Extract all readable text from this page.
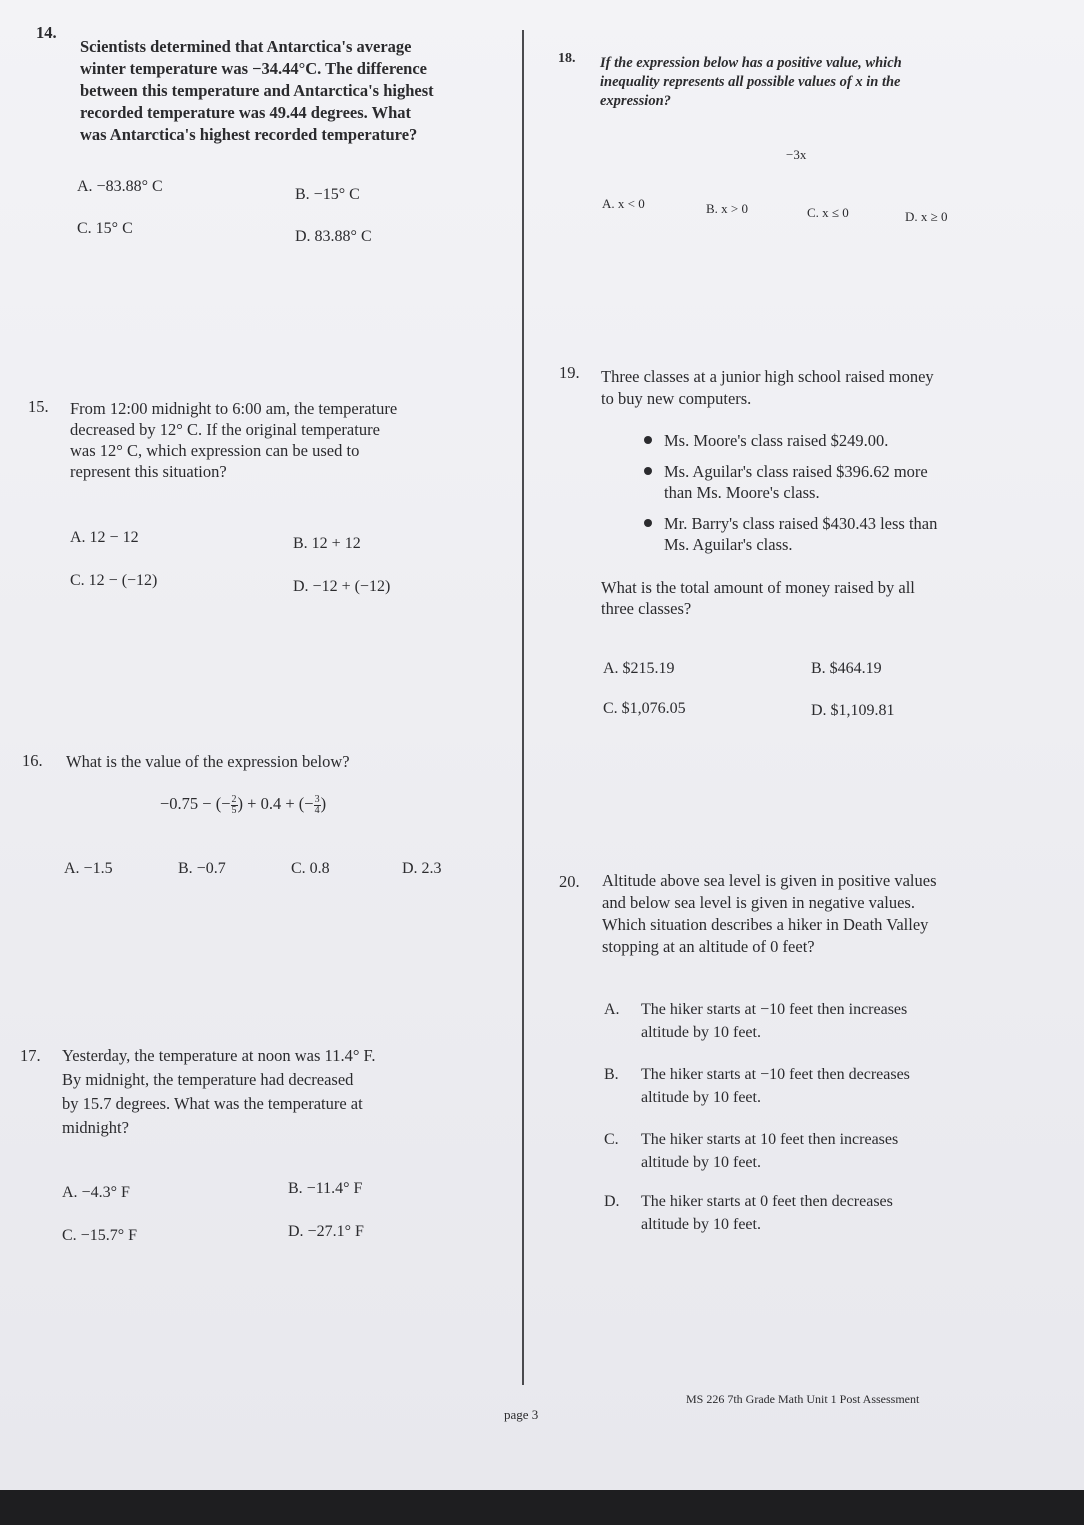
14.
Scientists determined that Antarctica's average
winter temperature was −34.44°C. The difference
between this temperature and Antarctica's highest
recorded temperature was 49.44 degrees. What
was Antarctica's highest recorded temperature?
A. −83.88° C	B. −15° C
C. 15° C	D. 83.88° C
15. From 12:00 midnight to 6:00 am, the temperature
decreased by 12° C. If the original temperature
was 12° C, which expression can be used to
represent this situation?
A. 12 − 12	B. 12 + 12
C. 12 − (−12)	D. −12 + (−12)
16. What is the value of the expression below?
−0.75 − (− $\frac{2}{5}$ ) + 0.4 + (− $\frac{3}{4}$ )
A. −1.5	B. −0.7	C. 0.8	D. 2.3
17. Yesterday, the temperature at noon was 11.4° F.
By midnight, the temperature had decreased
by 15.7 degrees. What was the temperature at
midnight?
A. −4.3° F	B. −11.4° F
C. −15.7° F	D. −27.1° F
18. If the expression below has a positive value, which
inequality represents all possible values of x in the
expression?
−3x
A. x < 0	B. x > 0	C. x ≤ 0	D. x ≥ 0
19. Three classes at a junior high school raised money
to buy new computers.
Ms. Moore's class raised $249.00.
Ms. Aguilar's class raised $396.62 more
than Ms. Moore's class.
Mr. Barry's class raised $430.43 less than
Ms. Aguilar's class.
What is the total amount of money raised by all
three classes?
A. $215.19	B. $464.19
C. $1,076.05	D. $1,109.81
20. Altitude above sea level is given in positive values
and below sea level is given in negative values.
Which situation describes a hiker in Death Valley
stopping at an altitude of 0 feet?
A. The hiker starts at −10 feet then increases
altitude by 10 feet.
B. The hiker starts at −10 feet then decreases
altitude by 10 feet.
C. The hiker starts at 10 feet then increases
altitude by 10 feet.
D. The hiker starts at 0 feet then decreases
altitude by 10 feet.
page 3
MS 226 7th Grade Math Unit 1 Post Assessment
